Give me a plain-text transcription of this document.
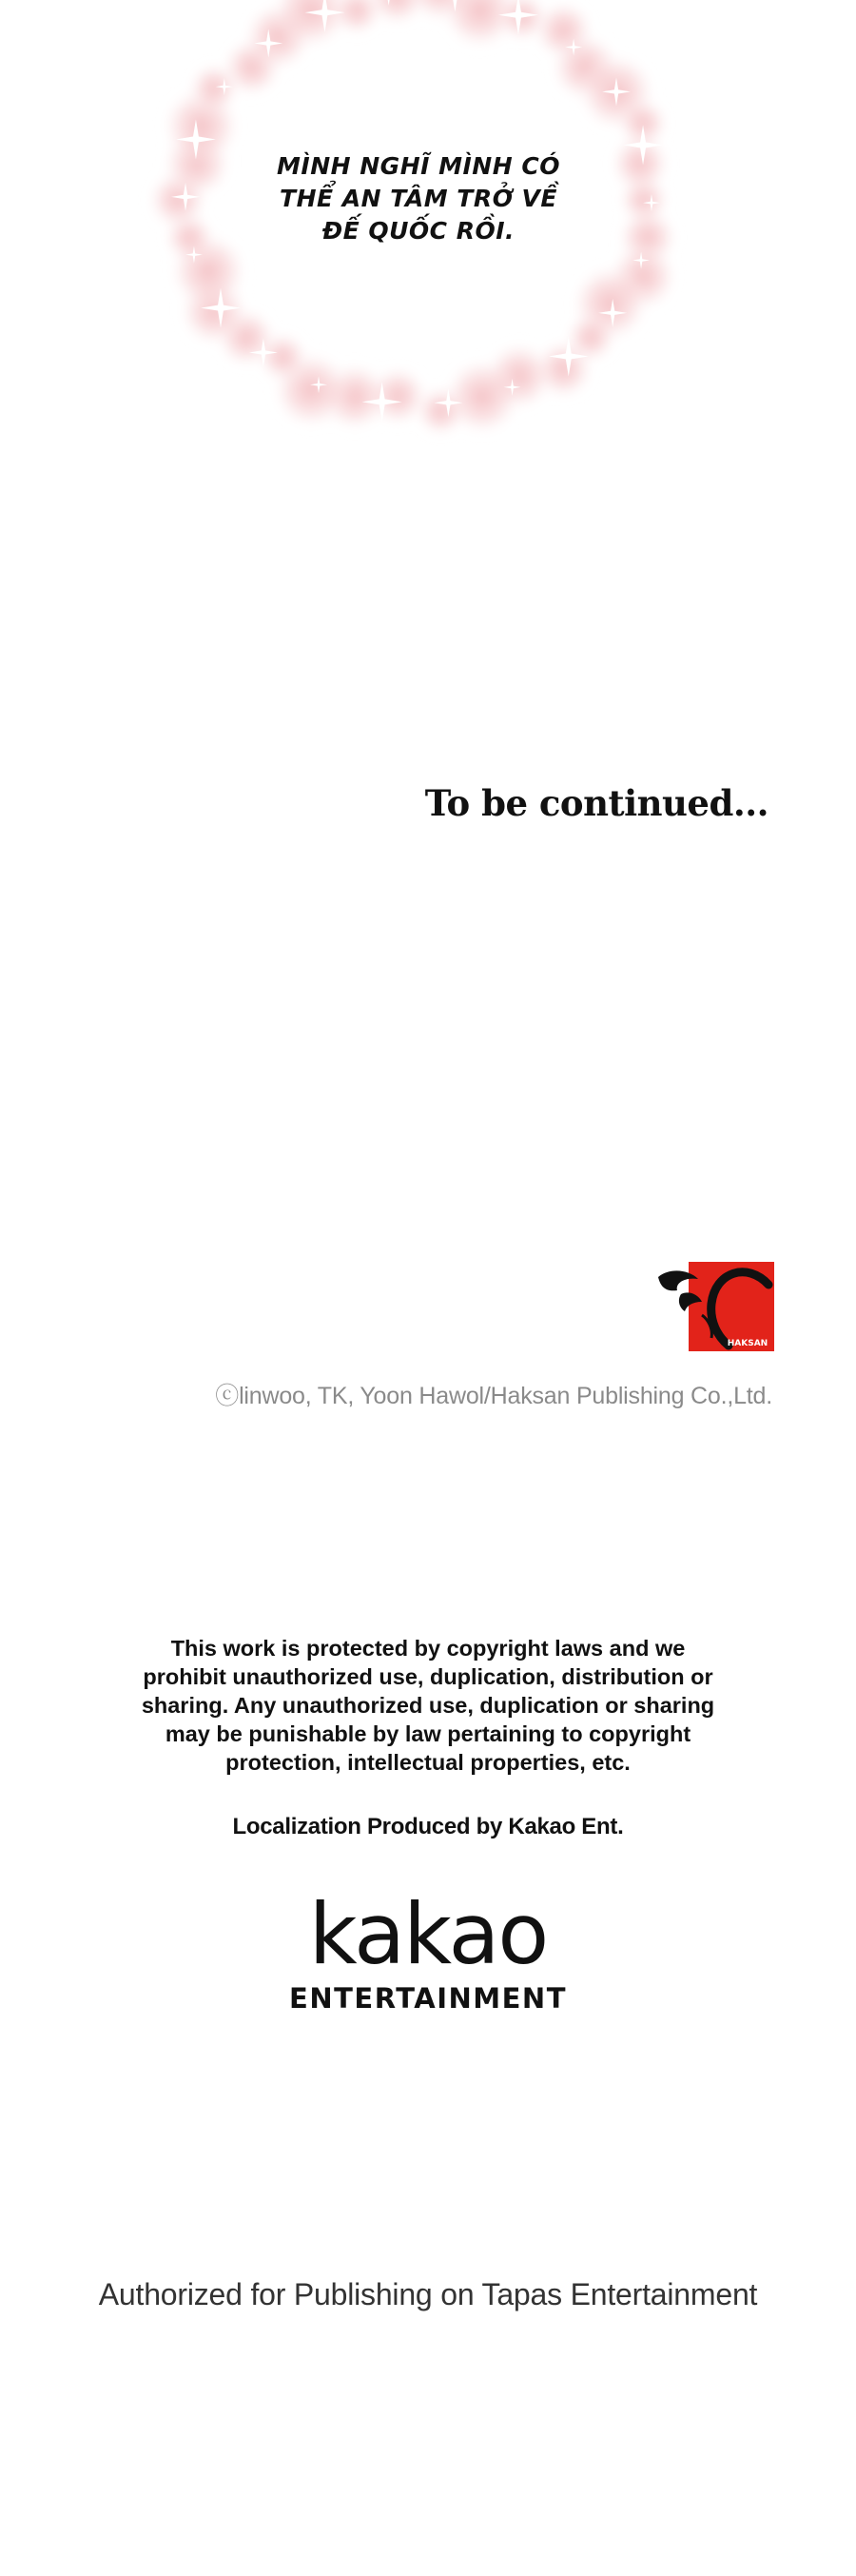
MÌNH NGHĨ MÌNH CÓ
THỂ AN TÂM TRỞ VỀ
ĐẾ QUỐC RỒI.
To be continued...
HAKSAN
ⓒlinwoo, TK, Yoon Hawol/Haksan Publishing Co.,Ltd.
This work is protected by copyright laws and we
prohibit unauthorized use, duplication, distribution or
sharing. Any unauthorized use, duplication or sharing
may be punishable by law pertaining to copyright
protection, intellectual properties, etc.
Localization Produced by Kakao Ent.
kakao
ENTERTAINMENT
Authorized for Publishing on Tapas Entertainment
